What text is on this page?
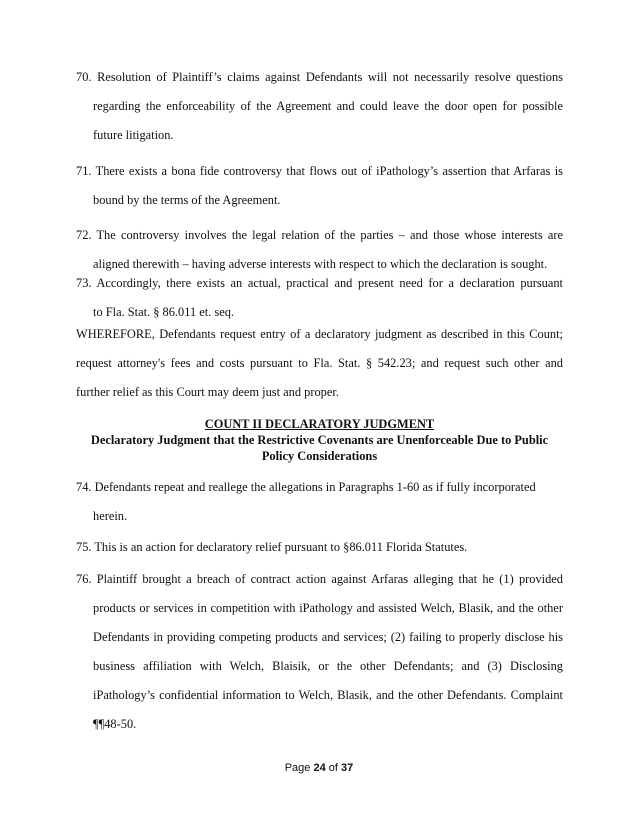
70. Resolution of Plaintiff’s claims against Defendants will not necessarily resolve questions
regarding the enforceability of the Agreement and could leave the door open for possible
future litigation.
71. There exists a bona fide controversy that flows out of iPathology’s assertion that Arfaras is
bound by the terms of the Agreement.
72. The controversy involves the legal relation of the parties – and those whose interests are
aligned therewith – having adverse interests with respect to which the declaration is sought.
73. Accordingly, there exists an actual, practical and present need for a declaration pursuant
to Fla. Stat. § 86.011 et. seq.
WHEREFORE, Defendants request entry of a declaratory judgment as described in this Count;
request attorney's fees and costs pursuant to Fla. Stat. § 542.23; and request such other and
further relief as this Court may deem just and proper.
COUNT II DECLARATORY JUDGMENT
Declaratory Judgment that the Restrictive Covenants are Unenforceable Due to Public
Policy Considerations
74. Defendants repeat and reallege the allegations in Paragraphs 1-60 as if fully incorporated
herein.
75. This is an action for declaratory relief pursuant to §86.011 Florida Statutes.
76. Plaintiff brought a breach of contract action against Arfaras alleging that he (1) provided
products or services in competition with iPathology and assisted Welch, Blasik, and the other
Defendants in providing competing products and services; (2) failing to properly disclose his
business affiliation with Welch, Blaisik, or the other Defendants; and (3) Disclosing
iPathology’s confidential information to Welch, Blasik, and the other Defendants. Complaint
¶¶48-50.
Page 24 of 37
